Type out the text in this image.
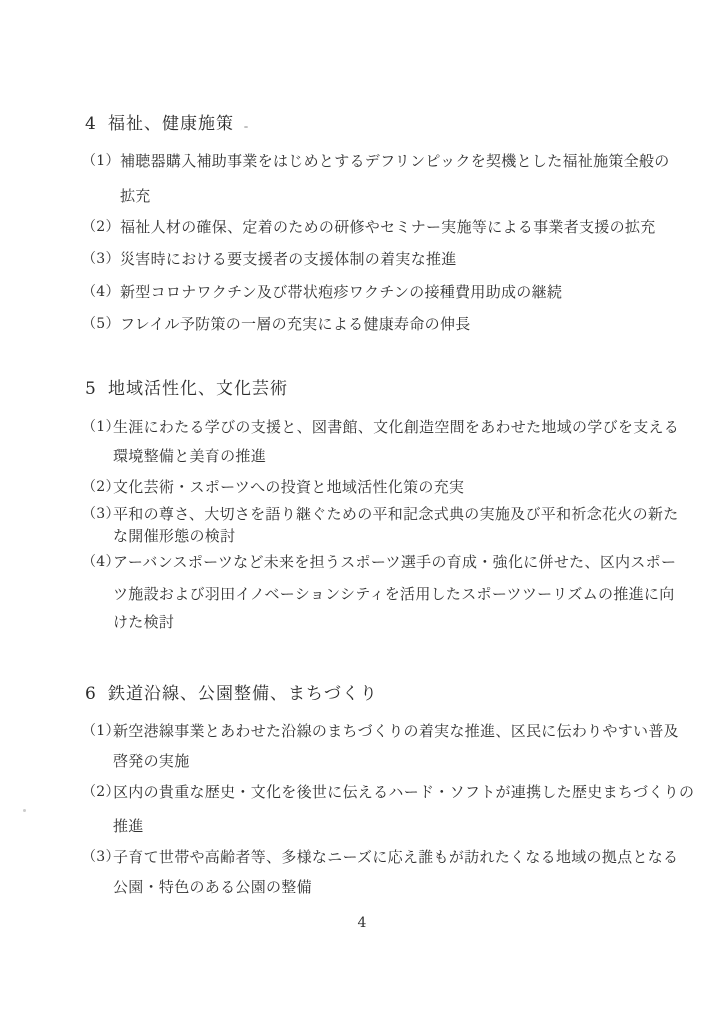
4 福祉、健康施策
（1） 補聴器購入補助事業をはじめとするデフリンピックを契機とした福祉施策全般の
拡充
（2） 福祉人材の確保、定着のための研修やセミナー実施等による事業者支援の拡充
（3） 災害時における要支援者の支援体制の着実な推進
（4） 新型コロナワクチン及び帯状疱疹ワクチンの接種費用助成の継続
（5） フレイル予防策の一層の充実による健康寿命の伸長
5 地域活性化、文化芸術
（1）
生涯にわたる学びの支援と、図書館、文化創造空間をあわせた地域の学びを支える
環境整備と美育の推進
（2）
文化芸術・スポーツへの投資と地域活性化策の充実
（3）
平和の尊さ、大切さを語り継ぐための平和記念式典の実施及び平和祈念花火の新た
な開催形態の検討
（4）
アーバンスポーツなど未来を担うスポーツ選手の育成・強化に併せた、区内スポー
ツ施設および羽田イノベーションシティを活用したスポーツツーリズムの推進に向
けた検討
6 鉄道沿線、公園整備、まちづくり
（1）
新空港線事業とあわせた沿線のまちづくりの着実な推進、区民に伝わりやすい普及
啓発の実施
（2）
区内の貴重な歴史・文化を後世に伝えるハード・ソフトが連携した歴史まちづくりの
推進
（3）
子育て世帯や高齢者等、多様なニーズに応え誰もが訪れたくなる地域の拠点となる
公園・特色のある公園の整備
4
